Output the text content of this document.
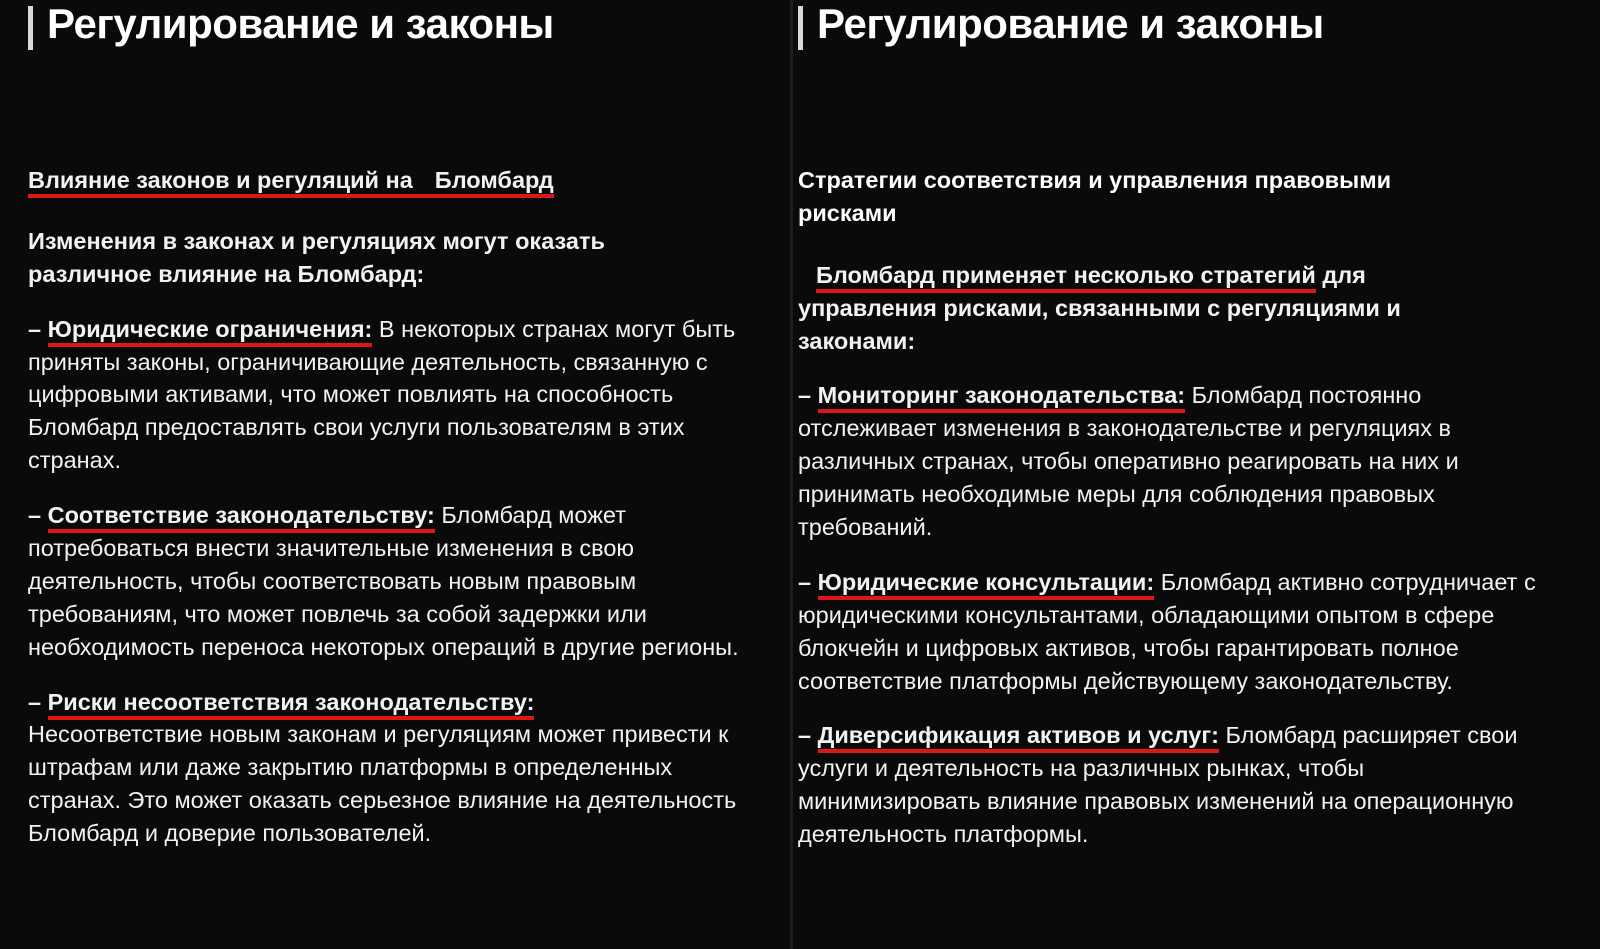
Регулирование и законы
Влияние законов и регуляций на Бломбард
Изменения в законах и регуляциях могут оказать
различное влияние на Бломбард:
– Юридические ограничения: В некоторых странах могут быть приняты законы, ограничивающие деятельность, связанную с цифровыми активами, что может повлиять на способность Бломбард предоставлять свои услуги пользователям в этих странах.
– Соответствие законодательству: Бломбард может потребоваться внести значительные изменения в свою деятельность, чтобы соответствовать новым правовым требованиям, что может повлечь за собой задержки или необходимость переноса некоторых операций в другие регионы.
– Риски несоответствия законодательству:
Несоответствие новым законам и регуляциям может привести к штрафам или даже закрытию платформы в определенных странах. Это может оказать серьезное влияние на деятельность Бломбард и доверие пользователей.
Регулирование и законы
Стратегии соответствия и управления правовыми
рисками
Бломбард применяет несколько стратегий для
управления рисками, связанными с регуляциями и
законами:
– Мониторинг законодательства: Бломбард постоянно отслеживает изменения в законодательстве и регуляциях в различных странах, чтобы оперативно реагировать на них и принимать необходимые меры для соблюдения правовых требований.
– Юридические консультации: Бломбард активно сотрудничает с юридическими консультантами, обладающими опытом в сфере блокчейн и цифровых активов, чтобы гарантировать полное соответствие платформы действующему законодательству.
– Диверсификация активов и услуг: Бломбард расширяет свои услуги и деятельность на различных рынках, чтобы минимизировать влияние правовых изменений на операционную деятельность платформы.
